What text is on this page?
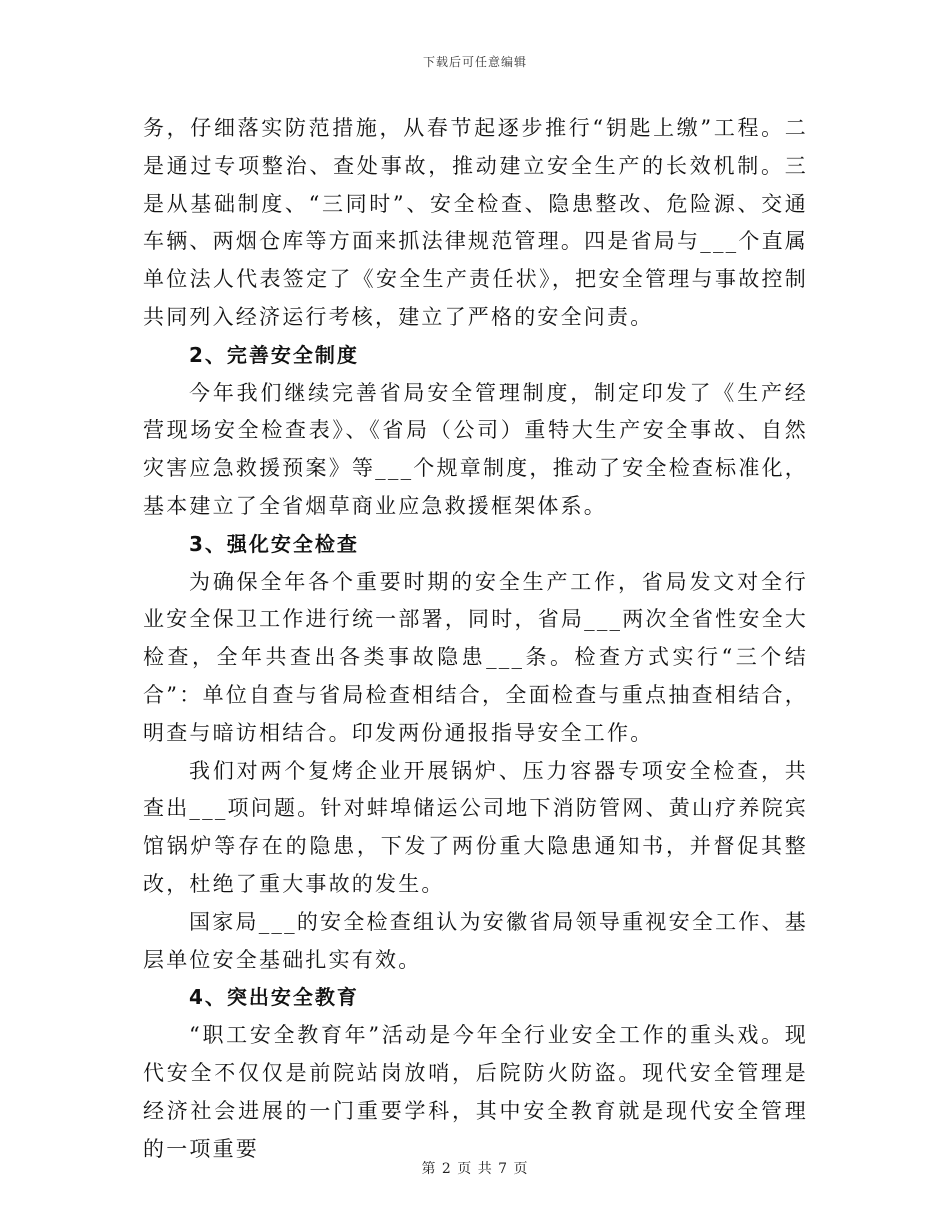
下载后可任意编辑

务，仔细落实防范措施，从春节起逐步推行“钥匙上缴”工程。二是通过专项整治、查处事故，推动建立安全生产的长效机制。三是从基础制度、“三同时”、安全检查、隐患整改、危险源、交通车辆、两烟仓库等方面来抓法律规范管理。四是省局与___个直属单位法人代表签定了《安全生产责任状》，把安全管理与事故控制共同列入经济运行考核，建立了严格的安全问责。

2、完善安全制度

今年我们继续完善省局安全管理制度，制定印发了《生产经营现场安全检查表》、《省局（公司）重特大生产安全事故、自然灾害应急救援预案》等___个规章制度，推动了安全检查标准化，基本建立了全省烟草商业应急救援框架体系。

3、强化安全检查

为确保全年各个重要时期的安全生产工作，省局发文对全行业安全保卫工作进行统一部署，同时，省局___两次全省性安全大检查，全年共查出各类事故隐患___条。检查方式实行“三个结合”：单位自查与省局检查相结合，全面检查与重点抽查相结合，明查与暗访相结合。印发两份通报指导安全工作。

我们对两个复烤企业开展锅炉、压力容器专项安全检查，共查出___项问题。针对蚌埠储运公司地下消防管网、黄山疗养院宾馆锅炉等存在的隐患，下发了两份重大隐患通知书，并督促其整改，杜绝了重大事故的发生。

国家局___的安全检查组认为安徽省局领导重视安全工作、基层单位安全基础扎实有效。

4、突出安全教育

“职工安全教育年”活动是今年全行业安全工作的重头戏。现代安全不仅仅是前院站岗放哨，后院防火防盗。现代安全管理是经济社会进展的一门重要学科，其中安全教育就是现代安全管理的一项重要

第 2 页 共 7 页
